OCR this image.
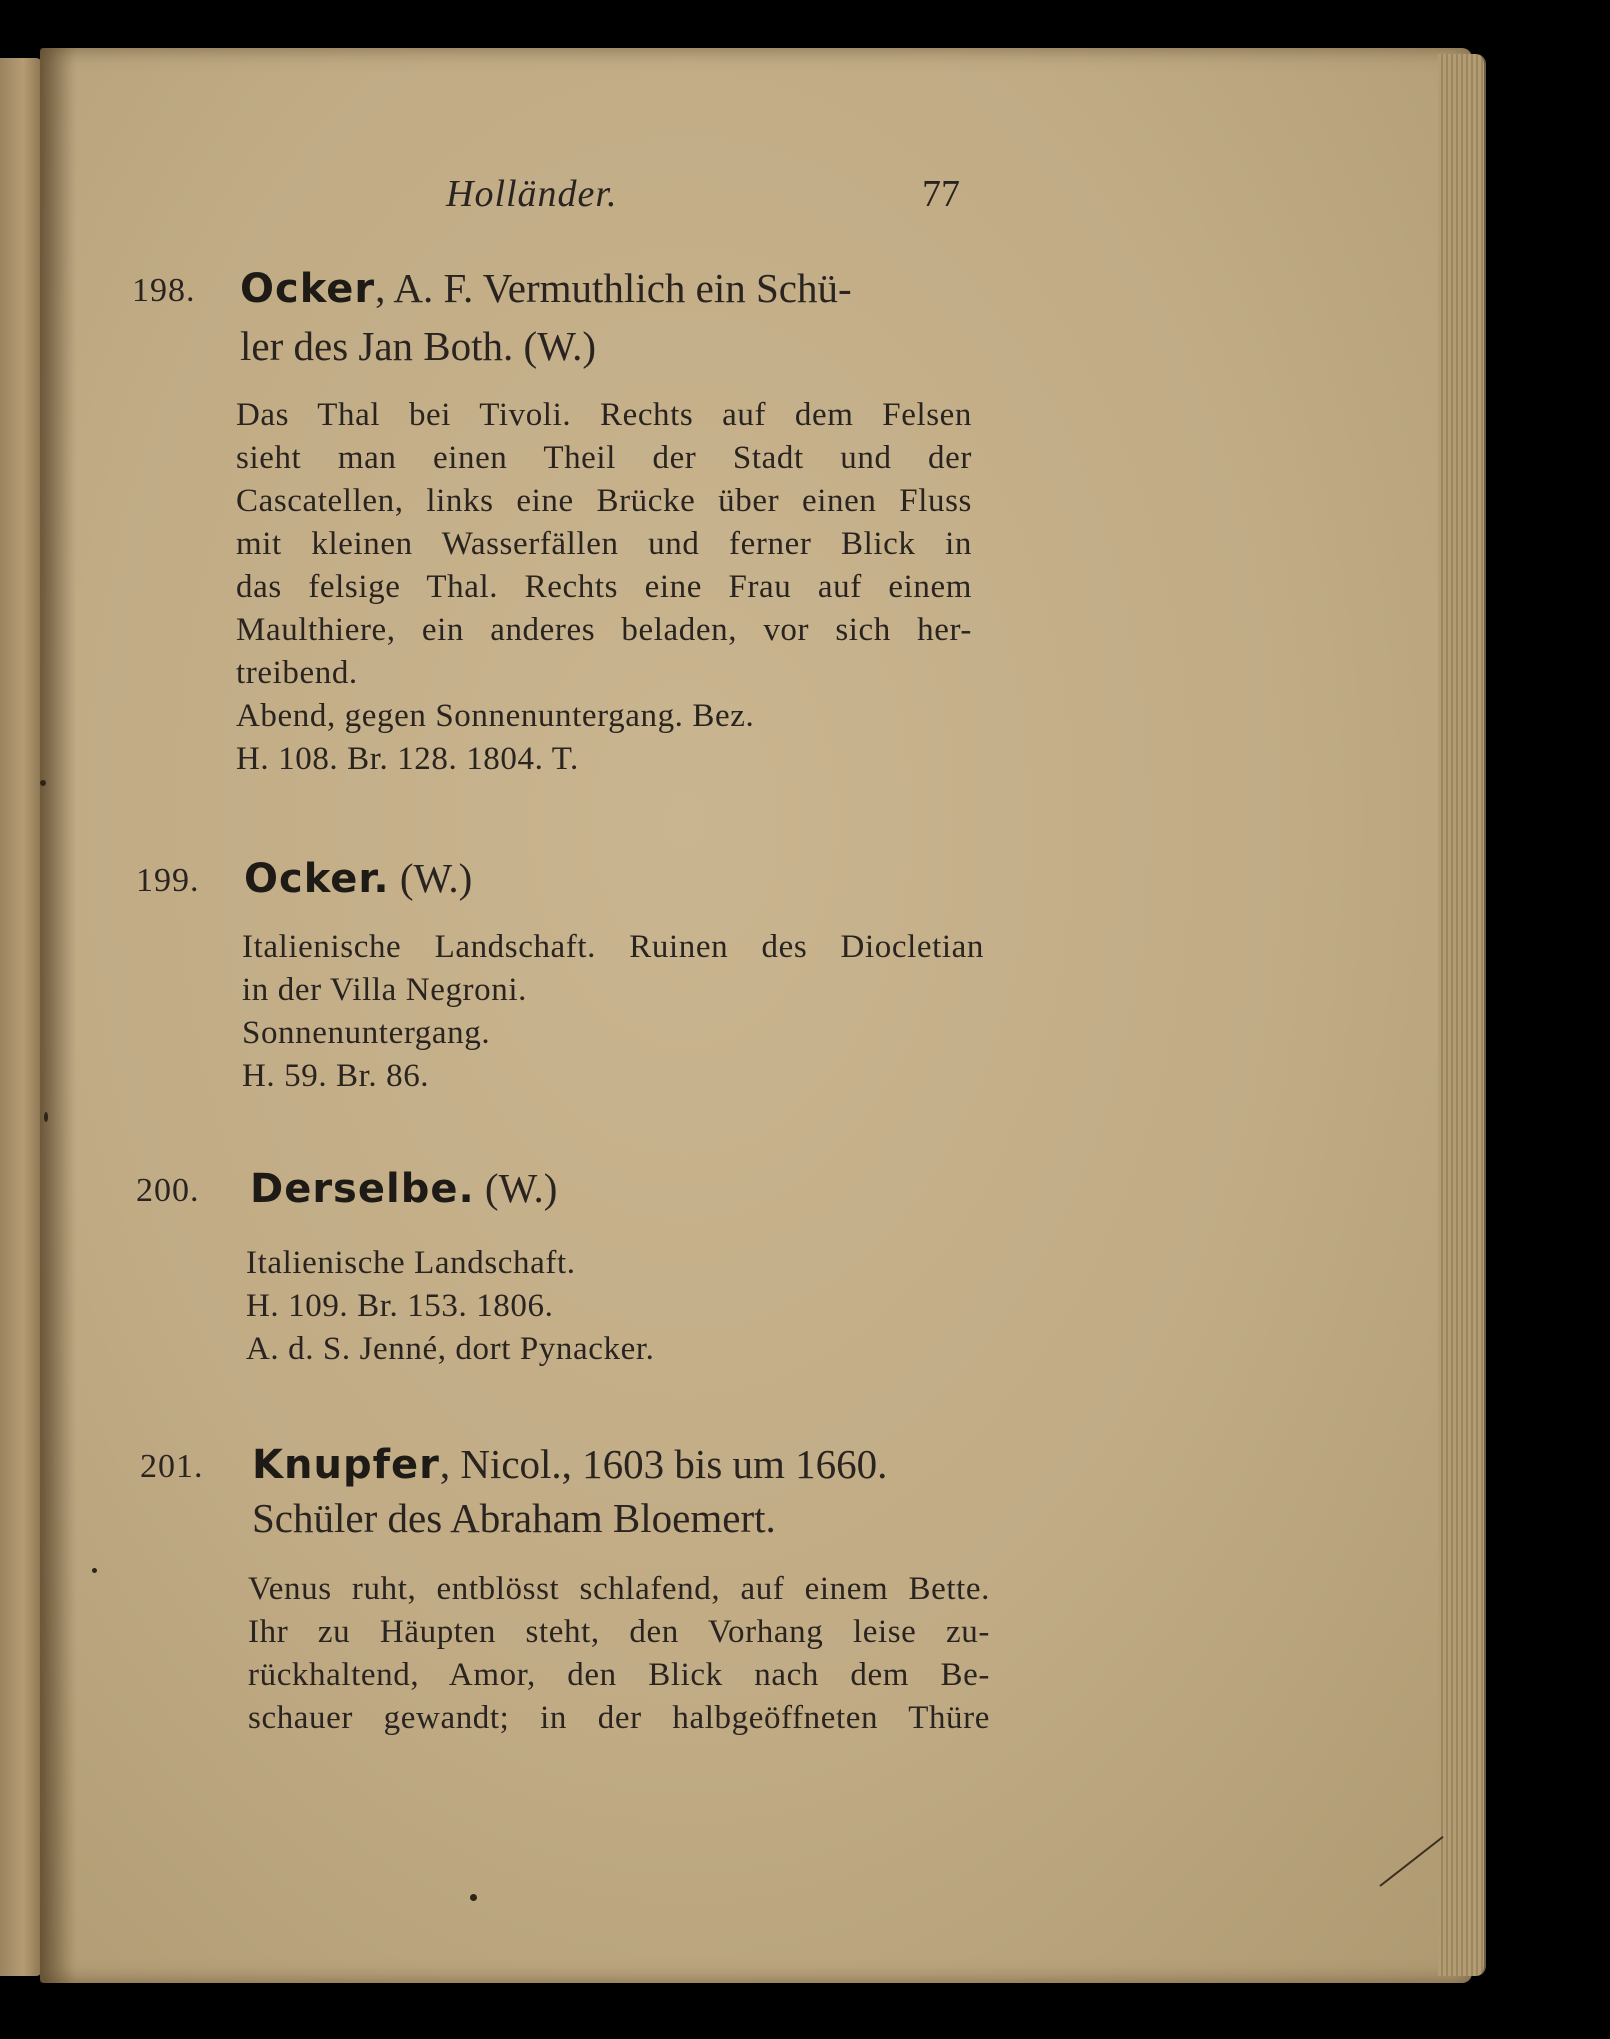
Holländer.	77
198. Ocker, A. F. Vermuthlich ein Schü-
ler des Jan Both. (W.)
Das Thal bei Tivoli. Rechts auf dem Felsen
sieht man einen Theil der Stadt und der
Cascatellen, links eine Brücke über einen Fluss
mit kleinen Wasserfällen und ferner Blick in
das felsige Thal. Rechts eine Frau auf einem
Maulthiere, ein anderes beladen, vor sich her-
treibend.
Abend, gegen Sonnenuntergang. Bez.
H. 108. Br. 128. 1804. T.
199. Ocker. (W.)
Italienische Landschaft. Ruinen des Diocletian
in der Villa Negroni.
Sonnenuntergang.
H. 59. Br. 86.
200. Derselbe. (W.)
Italienische Landschaft.
H. 109. Br. 153. 1806.
A. d. S. Jenné, dort Pynacker.
201. Knupfer, Nicol., 1603 bis um 1660.
Schüler des Abraham Bloemert.
Venus ruht, entblösst schlafend, auf einem Bette.
Ihr zu Häupten steht, den Vorhang leise zu-
rückhaltend, Amor, den Blick nach dem Be-
schauer gewandt; in der halbgeöffneten Thüre
